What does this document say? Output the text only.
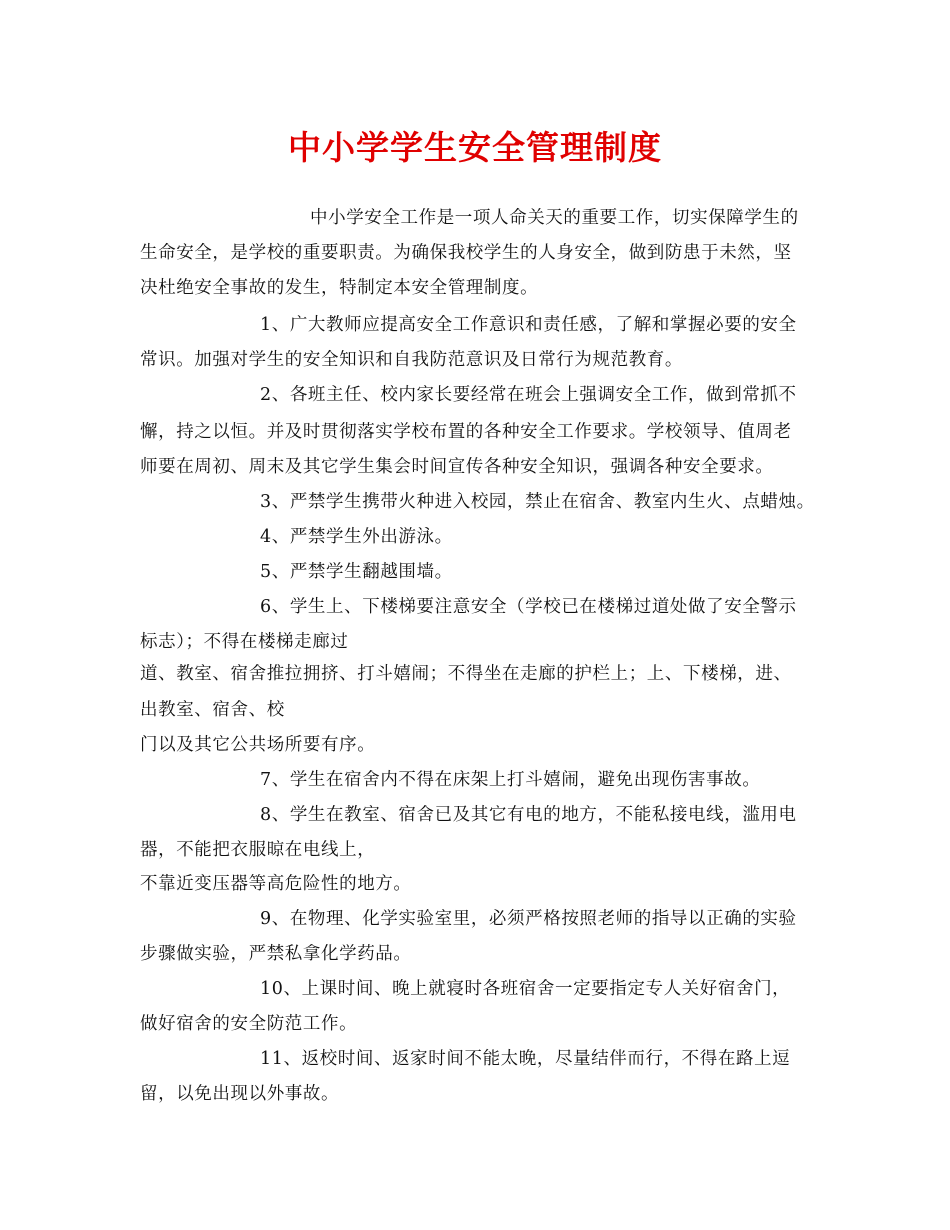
中小学学生安全管理制度

中小学安全工作是一项人命关天的重要工作，切实保障学生的

生命安全，是学校的重要职责。为确保我校学生的人身安全，做到防患于未然，坚

决杜绝安全事故的发生，特制定本安全管理制度。

1、广大教师应提高安全工作意识和责任感，了解和掌握必要的安全

常识。加强对学生的安全知识和自我防范意识及日常行为规范教育。

2、各班主任、校内家长要经常在班会上强调安全工作，做到常抓不

懈，持之以恒。并及时贯彻落实学校布置的各种安全工作要求。学校领导、值周老

师要在周初、周末及其它学生集会时间宣传各种安全知识，强调各种安全要求。

3、严禁学生携带火种进入校园，禁止在宿舍、教室内生火、点蜡烛。

4、严禁学生外出游泳。

5、严禁学生翻越围墙。

6、学生上、下楼梯要注意安全（学校已在楼梯过道处做了安全警示

标志）；不得在楼梯走廊过

道、教室、宿舍推拉拥挤、打斗嬉闹；不得坐在走廊的护栏上；上、下楼梯，进、

出教室、宿舍、校

门以及其它公共场所要有序。

7、学生在宿舍内不得在床架上打斗嬉闹，避免出现伤害事故。

8、学生在教室、宿舍已及其它有电的地方，不能私接电线，滥用电

器，不能把衣服晾在电线上，

不靠近变压器等高危险性的地方。

9、在物理、化学实验室里，必须严格按照老师的指导以正确的实验

步骤做实验，严禁私拿化学药品。

10、上课时间、晚上就寝时各班宿舍一定要指定专人关好宿舍门，

做好宿舍的安全防范工作。

11、返校时间、返家时间不能太晚，尽量结伴而行，不得在路上逗

留，以免出现以外事故。
